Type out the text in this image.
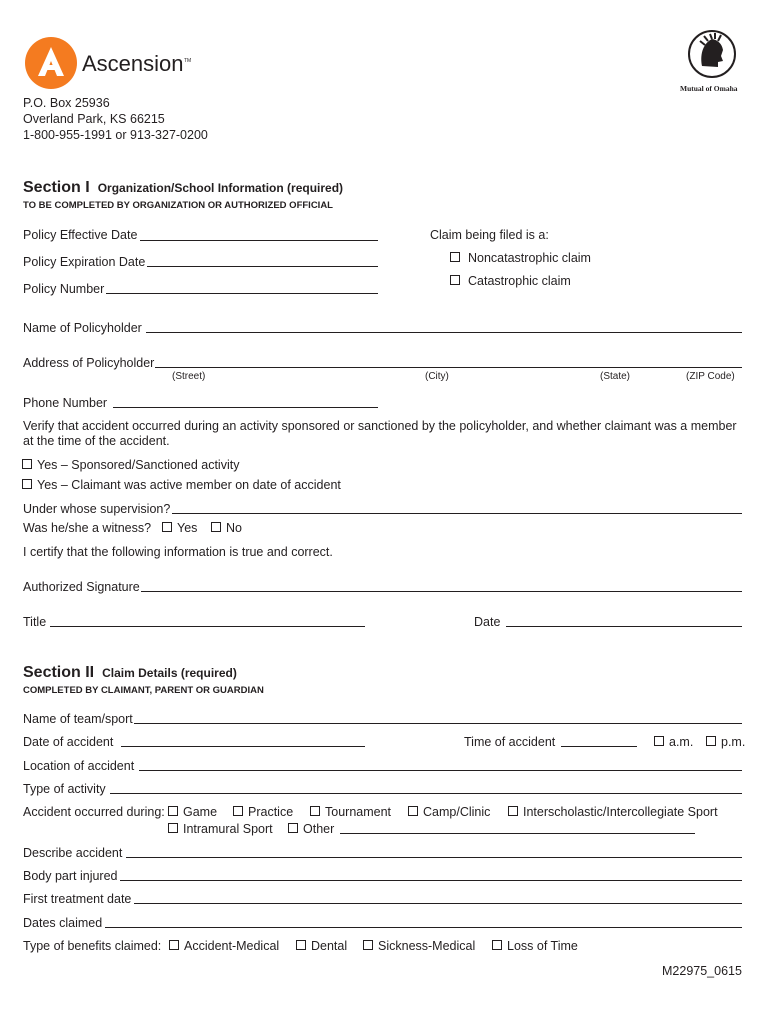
Ascension TM
Mutual of Omaha
P.O. Box 25936
Overland Park, KS 66215
1-800-955-1991 or 913-327-0200
Section I Organization/School Information (required)
TO BE COMPLETED BY ORGANIZATION OR AUTHORIZED OFFICIAL
Policy Effective Date
Policy Expiration Date
Policy Number
Claim being filed is a:
Noncatastrophic claim
Catastrophic claim
Name of Policyholder
Address of Policyholder
(Street)	(City)	(State)	(ZIP Code)
Phone Number
Verify that accident occurred during an activity sponsored or sanctioned by the policyholder, and whether claimant was a member
at the time of the accident.
Yes – Sponsored/Sanctioned activity
Yes – Claimant was active member on date of accident
Under whose supervision?
Was he/she a witness? Yes No
I certify that the following information is true and correct.
Authorized Signature
Title	Date
Section II Claim Details (required)
COMPLETED BY CLAIMANT, PARENT OR GUARDIAN
Name of team/sport
Date of accident	Time of accident	a.m. p.m.
Location of accident
Type of activity
Accident occurred during: Game Practice	Tournament	Camp/Clinic	Interscholastic/Intercollegiate Sport
Intramural Sport Other
Describe accident
Body part injured
First treatment date
Dates claimed
Type of benefits claimed: Accident-Medical	Dental Sickness-Medical	Loss of Time
M22975_0615
